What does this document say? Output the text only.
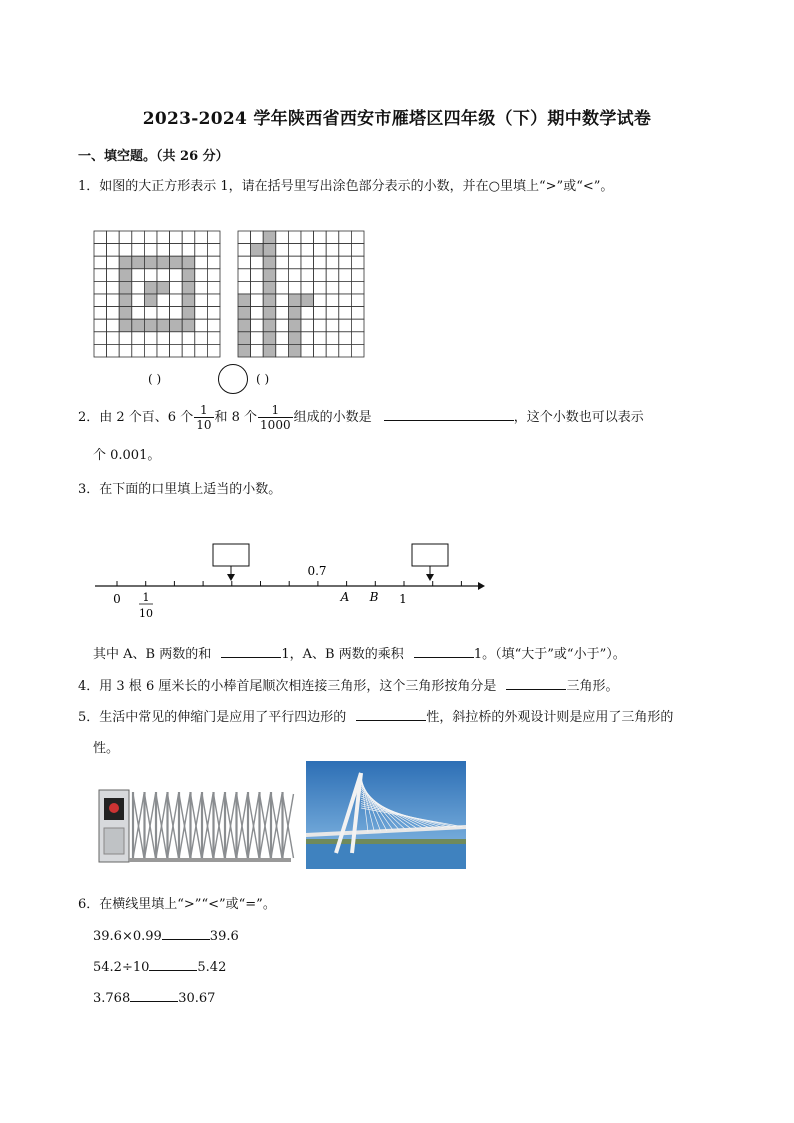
2023-2024 学年陕西省西安市雁塔区四年级（下）期中数学试卷
一、填空题。（共 26 分）
1．如图的大正方形表示 1，请在括号里写出涂色部分表示的小数，并在○里填上“>”或“<”。
( )	( )
2．由 2 个百、6 个 $\frac{1}{10}$ 和 8 个 $\frac{1}{1000}$ 组成的小数是	，这个小数也可以表示
个 0.001。
3．在下面的口里填上适当的小数。
0.7
0 1
10
A B 1
其中 A、B 两数的和	1，A、B 两数的乘积	1。（填“大于”或“小于”）。
4．用 3 根 6 厘米长的小棒首尾顺次相连接三角形，这个三角形按角分是	三角形。
5．生活中常见的伸缩门是应用了平行四边形的	性，斜拉桥的外观设计则是应用了三角形的
性。
6．在横线里填上“>”“<”或“=”。
39.6×0.99	39.6
54.2÷10	5.42
3.768	30.67
